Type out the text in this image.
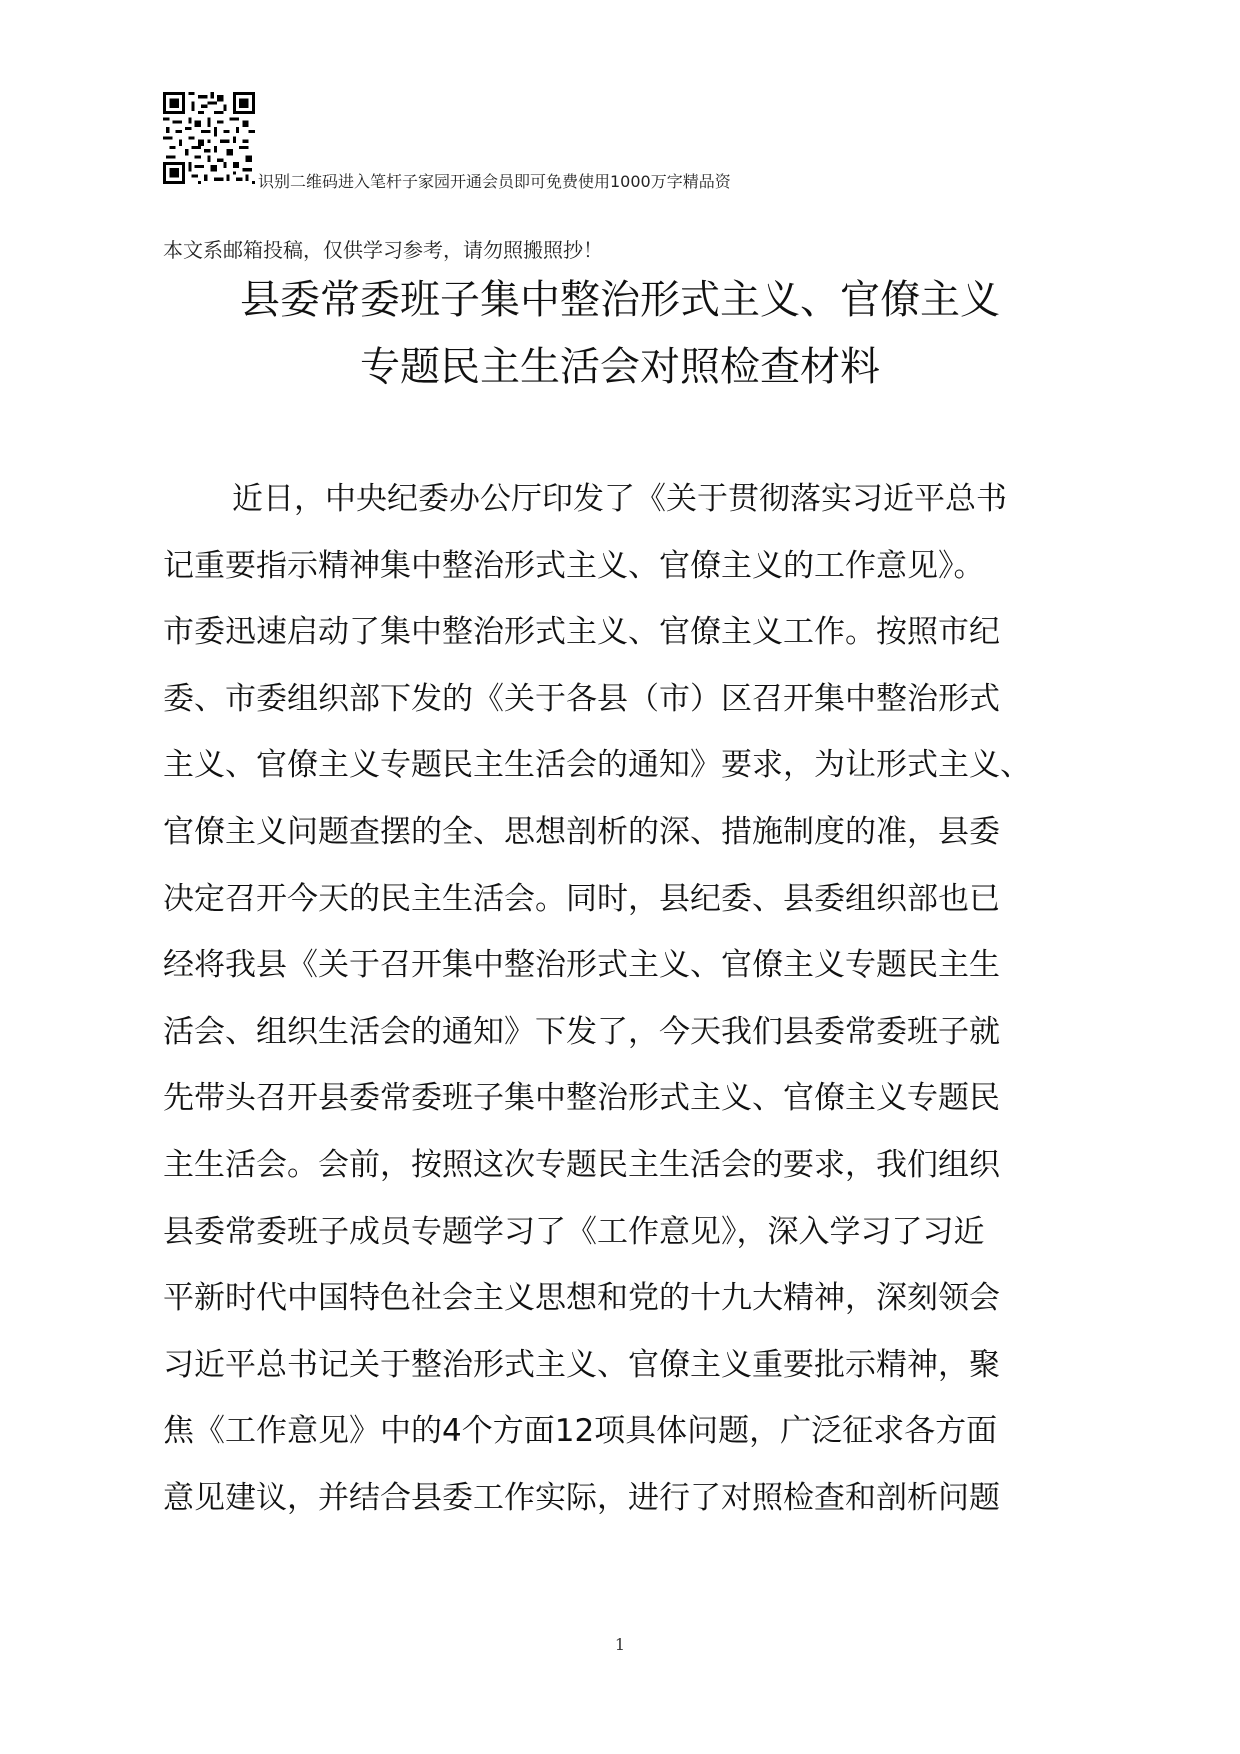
识别二维码进入笔杆子家园开通会员即可免费使用1000万字精品资
本文系邮箱投稿，仅供学习参考，请勿照搬照抄！
县委常委班子集中整治形式主义、官僚主义
专题民主生活会对照检查材料
近日，中央纪委办公厅印发了《关于贯彻落实习近平总书
记重要指示精神集中整治形式主义、官僚主义的工作意见》。
市委迅速启动了集中整治形式主义、官僚主义工作。按照市纪
委、市委组织部下发的《关于各县（市）区召开集中整治形式
主义、官僚主义专题民主生活会的通知》要求，为让形式主义、
官僚主义问题查摆的全、思想剖析的深、措施制度的准，县委
决定召开今天的民主生活会。同时，县纪委、县委组织部也已
经将我县《关于召开集中整治形式主义、官僚主义专题民主生
活会、组织生活会的通知》下发了，今天我们县委常委班子就
先带头召开县委常委班子集中整治形式主义、官僚主义专题民
主生活会。会前，按照这次专题民主生活会的要求，我们组织
县委常委班子成员专题学习了《工作意见》，深入学习了习近
平新时代中国特色社会主义思想和党的十九大精神，深刻领会
习近平总书记关于整治形式主义、官僚主义重要批示精神，聚
焦《工作意见》中的4个方面12项具体问题，广泛征求各方面
意见建议，并结合县委工作实际，进行了对照检查和剖析问题
1
